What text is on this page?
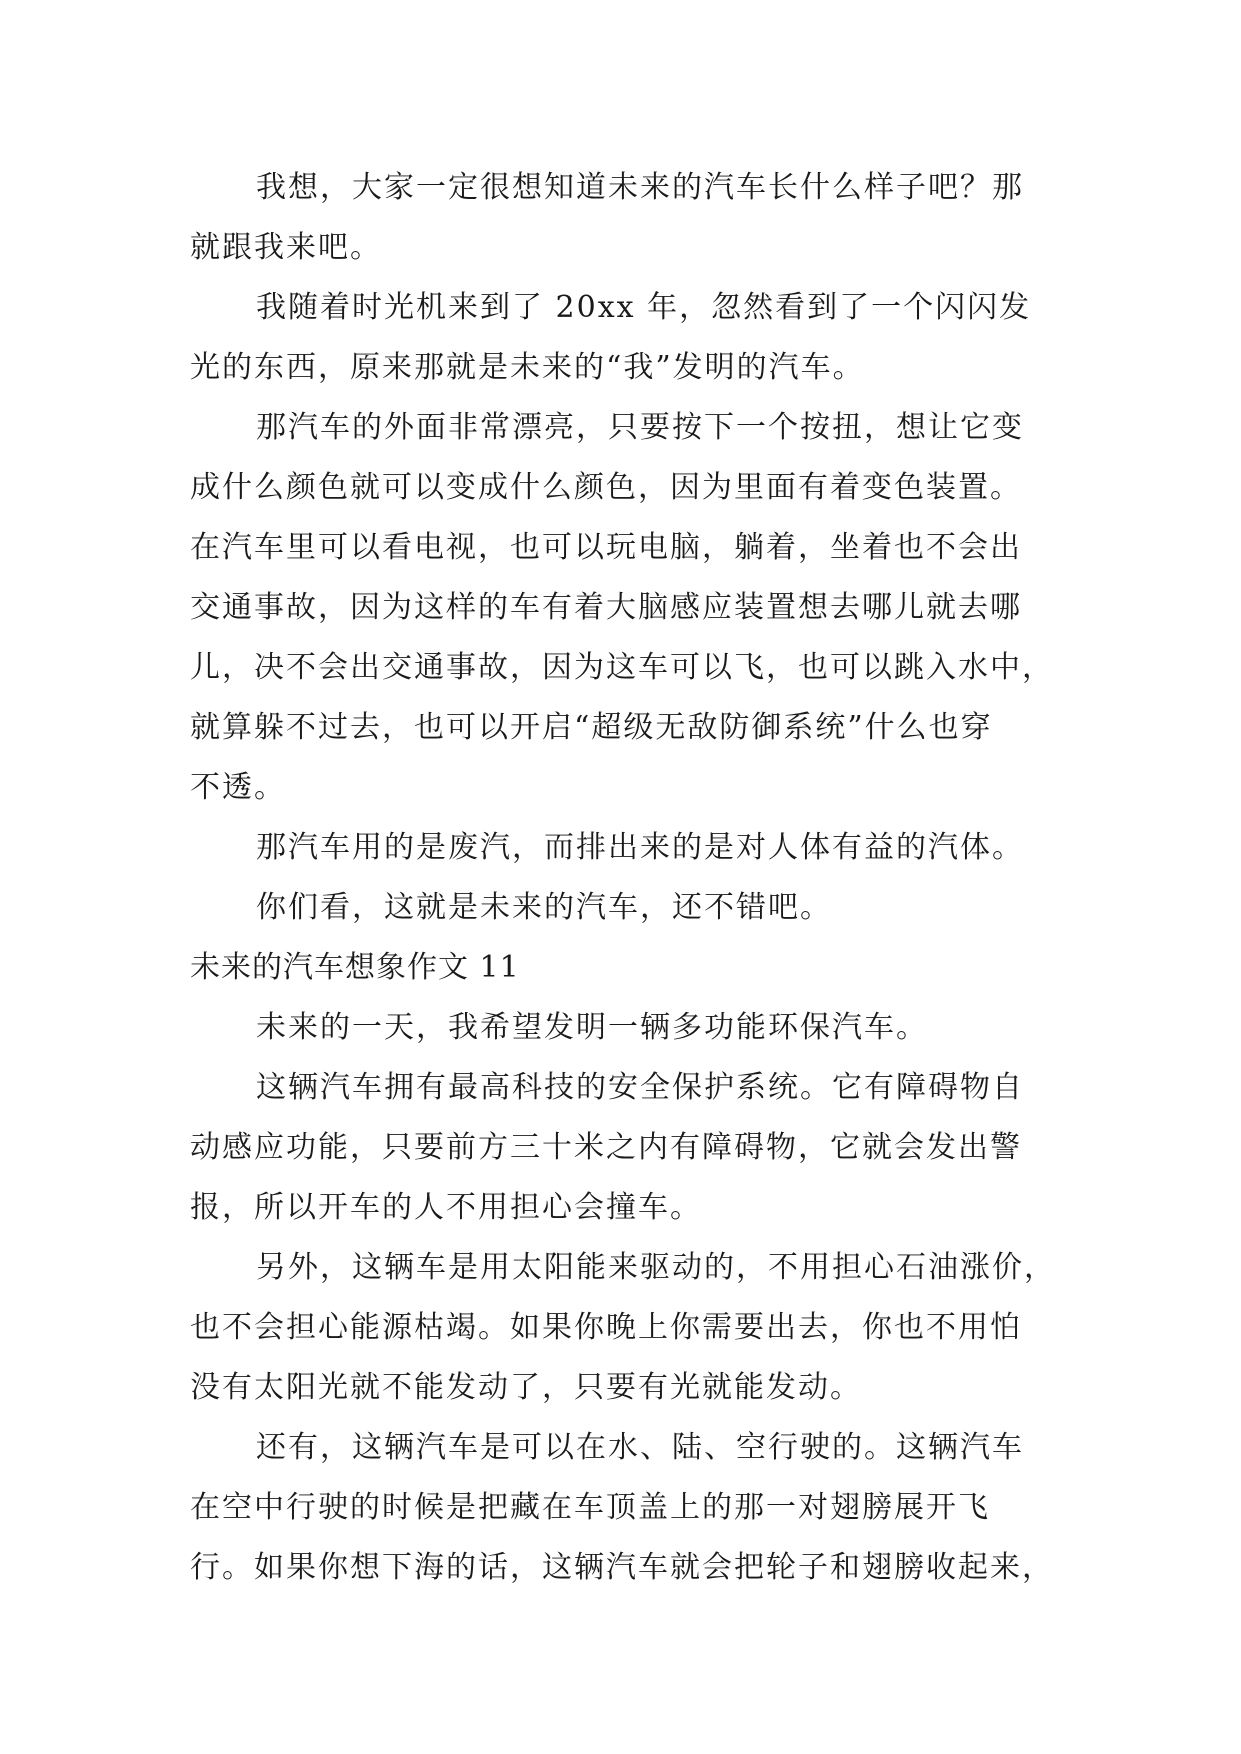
我想，大家一定很想知道未来的汽车长什么样子吧？那
就跟我来吧。
我随着时光机来到了 20xx 年，忽然看到了一个闪闪发
光的东西，原来那就是未来的“我”发明的汽车。
那汽车的外面非常漂亮，只要按下一个按扭，想让它变
成什么颜色就可以变成什么颜色，因为里面有着变色装置。
在汽车里可以看电视，也可以玩电脑，躺着，坐着也不会出
交通事故，因为这样的车有着大脑感应装置想去哪儿就去哪
儿，决不会出交通事故，因为这车可以飞，也可以跳入水中，
就算躲不过去，也可以开启“超级无敌防御系统”什么也穿
不透。
那汽车用的是废汽，而排出来的是对人体有益的汽体。
你们看，这就是未来的汽车，还不错吧。
未来的汽车想象作文 11
未来的一天，我希望发明一辆多功能环保汽车。
这辆汽车拥有最高科技的安全保护系统。它有障碍物自
动感应功能，只要前方三十米之内有障碍物，它就会发出警
报，所以开车的人不用担心会撞车。
另外，这辆车是用太阳能来驱动的，不用担心石油涨价，
也不会担心能源枯竭。如果你晚上你需要出去，你也不用怕
没有太阳光就不能发动了，只要有光就能发动。
还有，这辆汽车是可以在水、陆、空行驶的。这辆汽车
在空中行驶的时候是把藏在车顶盖上的那一对翅膀展开飞
行。如果你想下海的话，这辆汽车就会把轮子和翅膀收起来，
